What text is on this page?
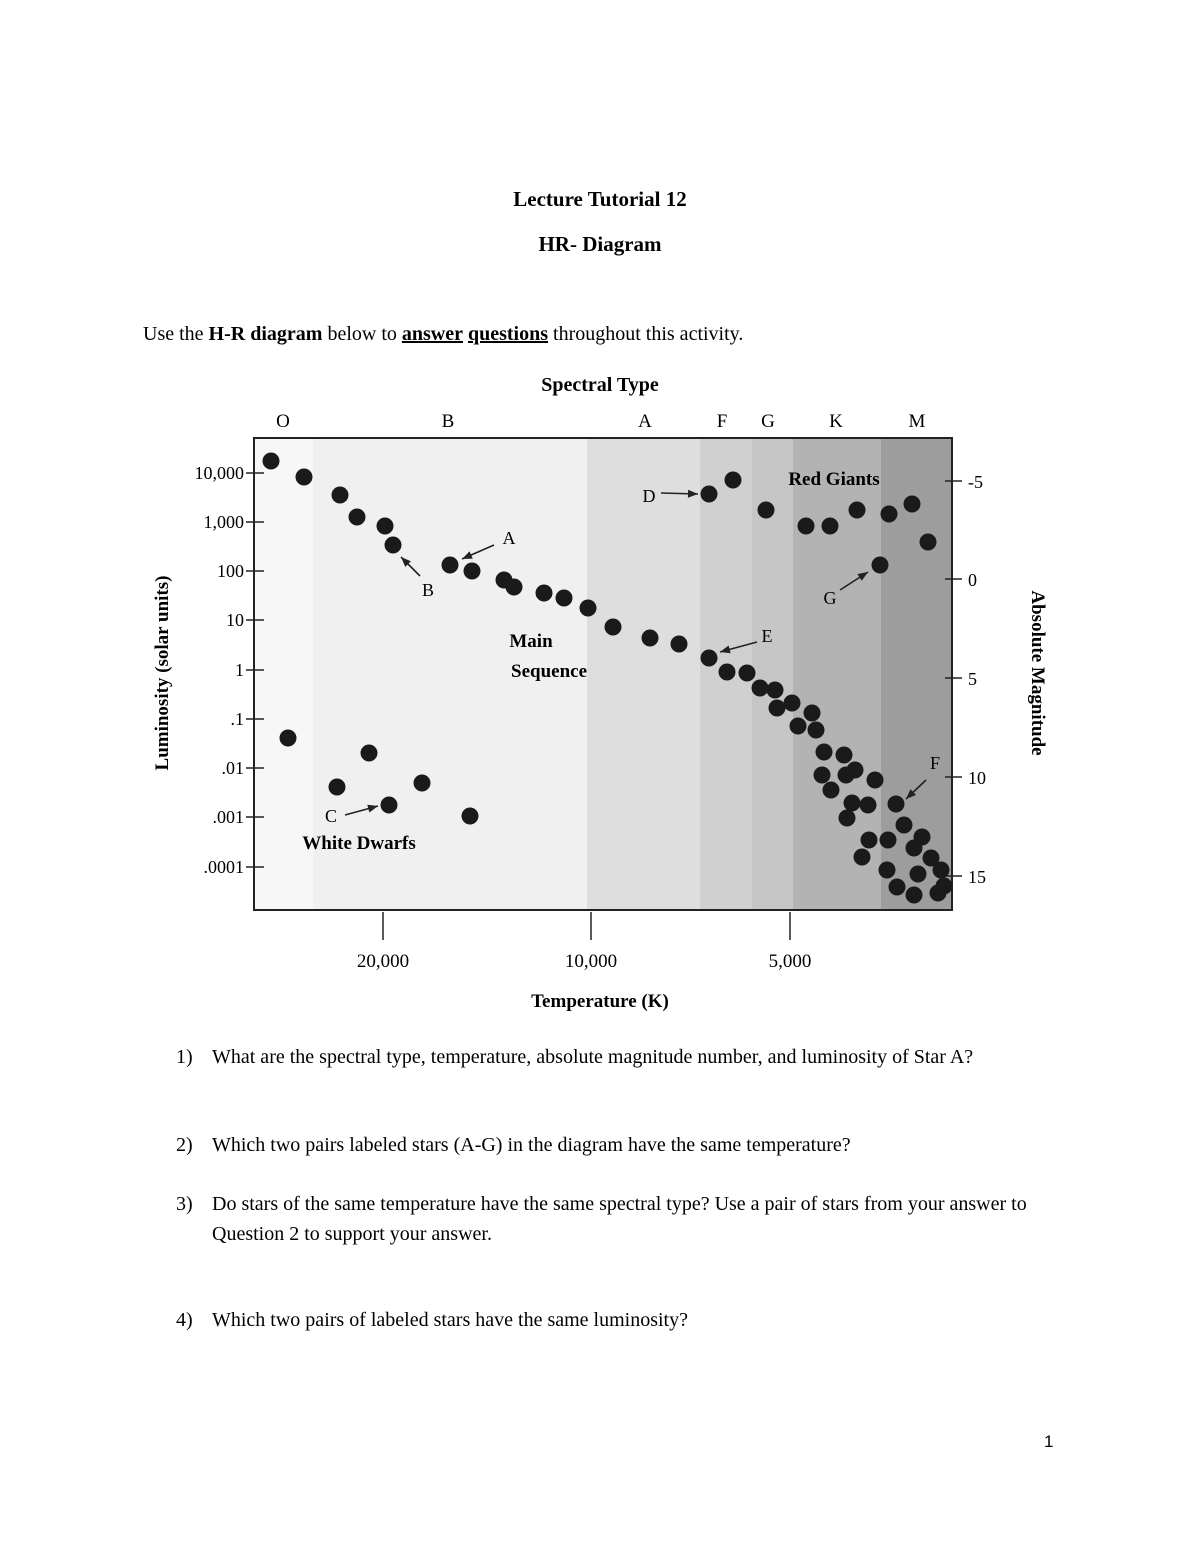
Lecture Tutorial 12
HR- Diagram
Use the H-R diagram below to answer questions throughout this activity.
O	B	A	F G	K	M
Spectral Type
10,000
1,000
100
10
1
.1
.01
.001
.0001
-5
0
5
10
15
20,000	10,000	5,000
Temperature (K)
Luminosity (solar units)	Absolute Magnitude
Red Giants
Main
Sequence
White Dwarfs
A
B
C
D
E
F
G
1) What are the spectral type, temperature, absolute magnitude number, and luminosity of Star A?
2) Which two pairs labeled stars (A-G) in the diagram have the same temperature?
3) Do stars of the same temperature have the same spectral type? Use a pair of stars from your answer to Question 2 to support your answer.
4) Which two pairs of labeled stars have the same luminosity?
1
